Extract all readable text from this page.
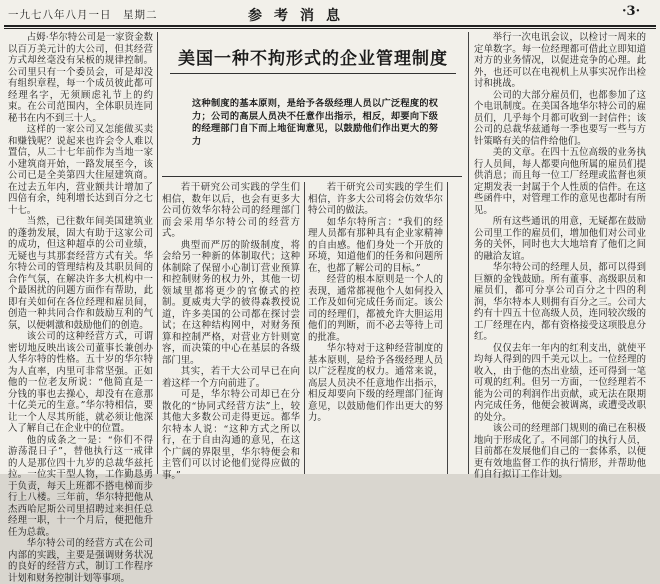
一九七八年八月一日　星期二	参考消息	·3·

占姆·华尔特公司是一家资金数以百万美元计的大公司，但其经营方式却丝毫没有呆板的规律控制。公司里只有一个委员会，可是却没有组织章程，每一个成员彼此都可经理名字，无须顾虑礼节上的约束。在公司范围内，全体职员连同秘书在内不到三十人。

这样的一家公司又怎能做买卖和赚钱呢？说起来也许会令人难以置信，从二十七年前作为当地一家小建筑商开始，一路发展至今，该公司已是全美第四大住屋建筑商。在过去五年内，营业额共计增加了四倍有余，纯利增长达到百分之七十七。

当然，已往数年间美国建筑业的蓬勃发展，固大有助于这家公司的成功，但这种超卓的公司业绩，无疑也与其那套经营方式有关。华尔特公司的管理结构及其职员间的合作气氛，在解决许多大机构中一个最困扰的问题方面作有帮助，此即有关如何在各位经理和雇员间，创造一种共同合作和鼓励互利的气氛，以便刺激和鼓励他们的创造。

该公司的这种经营方式，可谓密切地反映出该公司董事长兼创办人华尔特的性格。五十岁的华尔特为人直率，内里可非常坚强。正如他的一位老友所说：“他简直是一分钱的事也去操心，却没有在意那十亿美元的生意。”华尔特相信，要让一个人尽其所能，就必须让他深入了解自己在企业中的位置。

他的成条之一是：“你们不得游荡混日子”，替他执行这一戒律的人是那位四十九岁的总裁华兹托拉。一位实干型人物，工作勤恳勇于负责，每天上班都不搭电梯而步行上八楼。三年前，华尔特把他从杰西哈尼斯公司里招聘过来担任总经理一职，十一个月后，便把他升任为总裁。

华尔特公司的经营方式在公司内部的实践，主要是强调财务状况的良好的经营方式，制订工作程序计划和财务控制计划等事项。

美国一种不拘形式的企业管理制度
这种制度的基本原则，是给予各级经理人员以广泛程度的权力；公司的高层人员决不任意作出指示，相反，却要向下级的经理部门自下而上地征询意见，以鼓励他们作出更大的努力

若干研究公司实践的学生们相信，数年以后，也会有更多大公司仿效华尔特公司的经理部门而会采用华尔特公司的经营方式。

典型而严厉的阶级制度，将会给另一种新的体制取代；这种体制除了保留小心制订营业预算和控制财务的权力外，其他一切领域里都将更少的官僚式的控制。夏威夷大学的彼得森教授说道，许多美国的公司都在探讨尝试；在这种结构网中，对财务预算和控制严格，对营业方针则宽容，而决策的中心在基层的各级部门里。

其实，若干大公司早已在向着这样一个方向前进了。

可是，华尔特公司却已在分散化的“协同式经营方法”上，较其他大多数公司走得更远。都华尔特本人说：“这种方式之所以行，在于自由沟通的意见，在这个广阔的界限里，华尔特便会和主管们可以讨论他们觉得应做的事。”

若干研究公司实践的学生们相信，许多大公司将会仿效华尔特公司的做法。

如华尔特所言：“我们的经理人员都有那种具有企业家精神的自由感。他们身处一个开放的环境，知道他们的任务和问题所在，也都了解公司的目标。”

经营的根本原则是一个人的表现，通常都视他个人如何投入工作及如何完成任务而定。该公司的经理们，都被允许大胆运用他们的判断，而不必去等待上司的批准。

华尔特对于这种经营制度的基本原则，是给予各级经理人员以广泛程度的权力。通常来说，高层人员决不任意地作出指示，相反却要向下级的经理部门征询意见，以鼓励他们作出更大的努力。

举行一次电讯会议，以检讨一周来的定单数字。每一位经理都可借此立即知道对方的业务情况，以促进竞争的心理。此外，也还可以在电视机上从事实况作出检讨和挑战。

公司的大部分雇员们，也都参加了这个电讯制度。在美国各地华尔特公司的雇员们，几乎每个月都可收到一封信件；该公司的总裁华兹通每一季也要写一些与方针策略有关的信件给他们。

美的文章。在四十五位高级的业务执行人员间，每人都要向他所属的雇员们提供消息；而且每一位工厂经理或监督也须定期发表一封属于个人性质的信件。在这些函件中，对管理工作的意见也都时有所见。

所有这些通讯的用意，无疑都在鼓励公司里工作的雇员们，增加他们对公司业务的关怀，同时也大大地培育了他们之间的融洽友谊。

华尔特公司的经理人员，都可以得到巨额的金钱鼓励。所有董事、高级职员和雇员们，都可分享公司百分之十四的利润，华尔特本人则拥有百分之三。公司大约有十四五十位高级人员，连同较次级的工厂经理在内，都有资格接受这项股息分红。

仅仅去年一年内的红利支出，就使平均每人得到的四千美元以上。一位经理的收入，由于他的杰出业绩，还可得到一笔可观的红利。但另一方面，一位经理若不能为公司的利润作出贡献，或无法在限期内完成任务，他便会被调离，或遭受改职的处分。

该公司的经理部门规则的确已在积极地向于形成化了。不同部门的执行人员，目前都在发展他们自己的一套体系，以便更有效地监督工作的执行情形，并帮助他们自行拟订工作计划。
